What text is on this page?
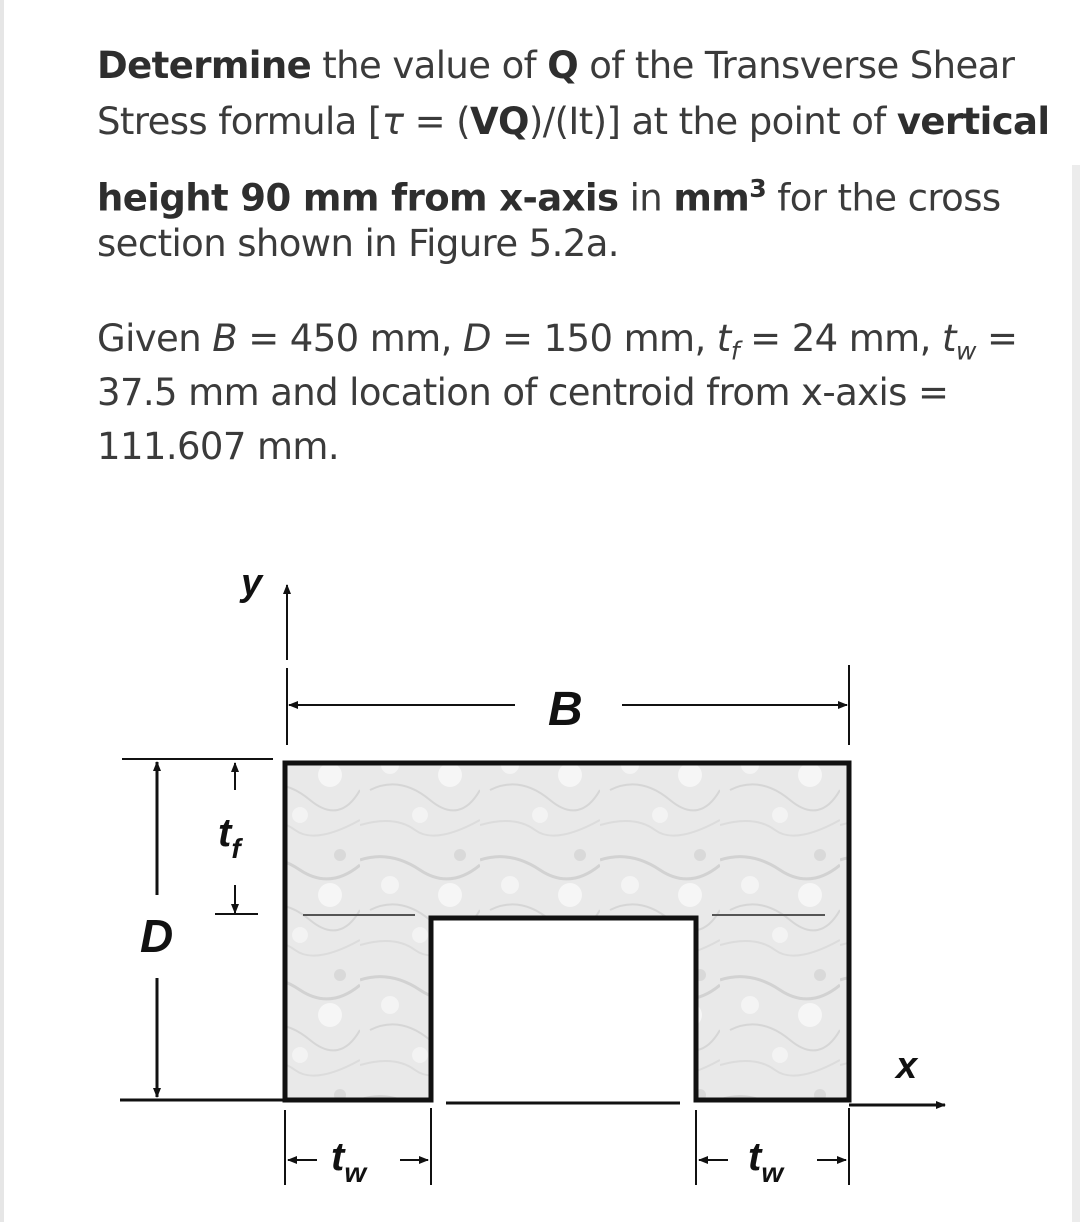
Determine the value of Q of the Transverse Shear
Stress formula [τ = (VQ)/(It)] at the point of vertical
height 90 mm from x-axis in $mm^3$ for the cross
section shown in Figure 5.2a.
Given B = 450 mm, D = 150 mm, $t_f = 24$ mm, $t_w$ =
37.5 mm and location of centroid from x-axis =
111.607 mm.
y
x
B
D
$t_f$
$t_w$	$t_w$
